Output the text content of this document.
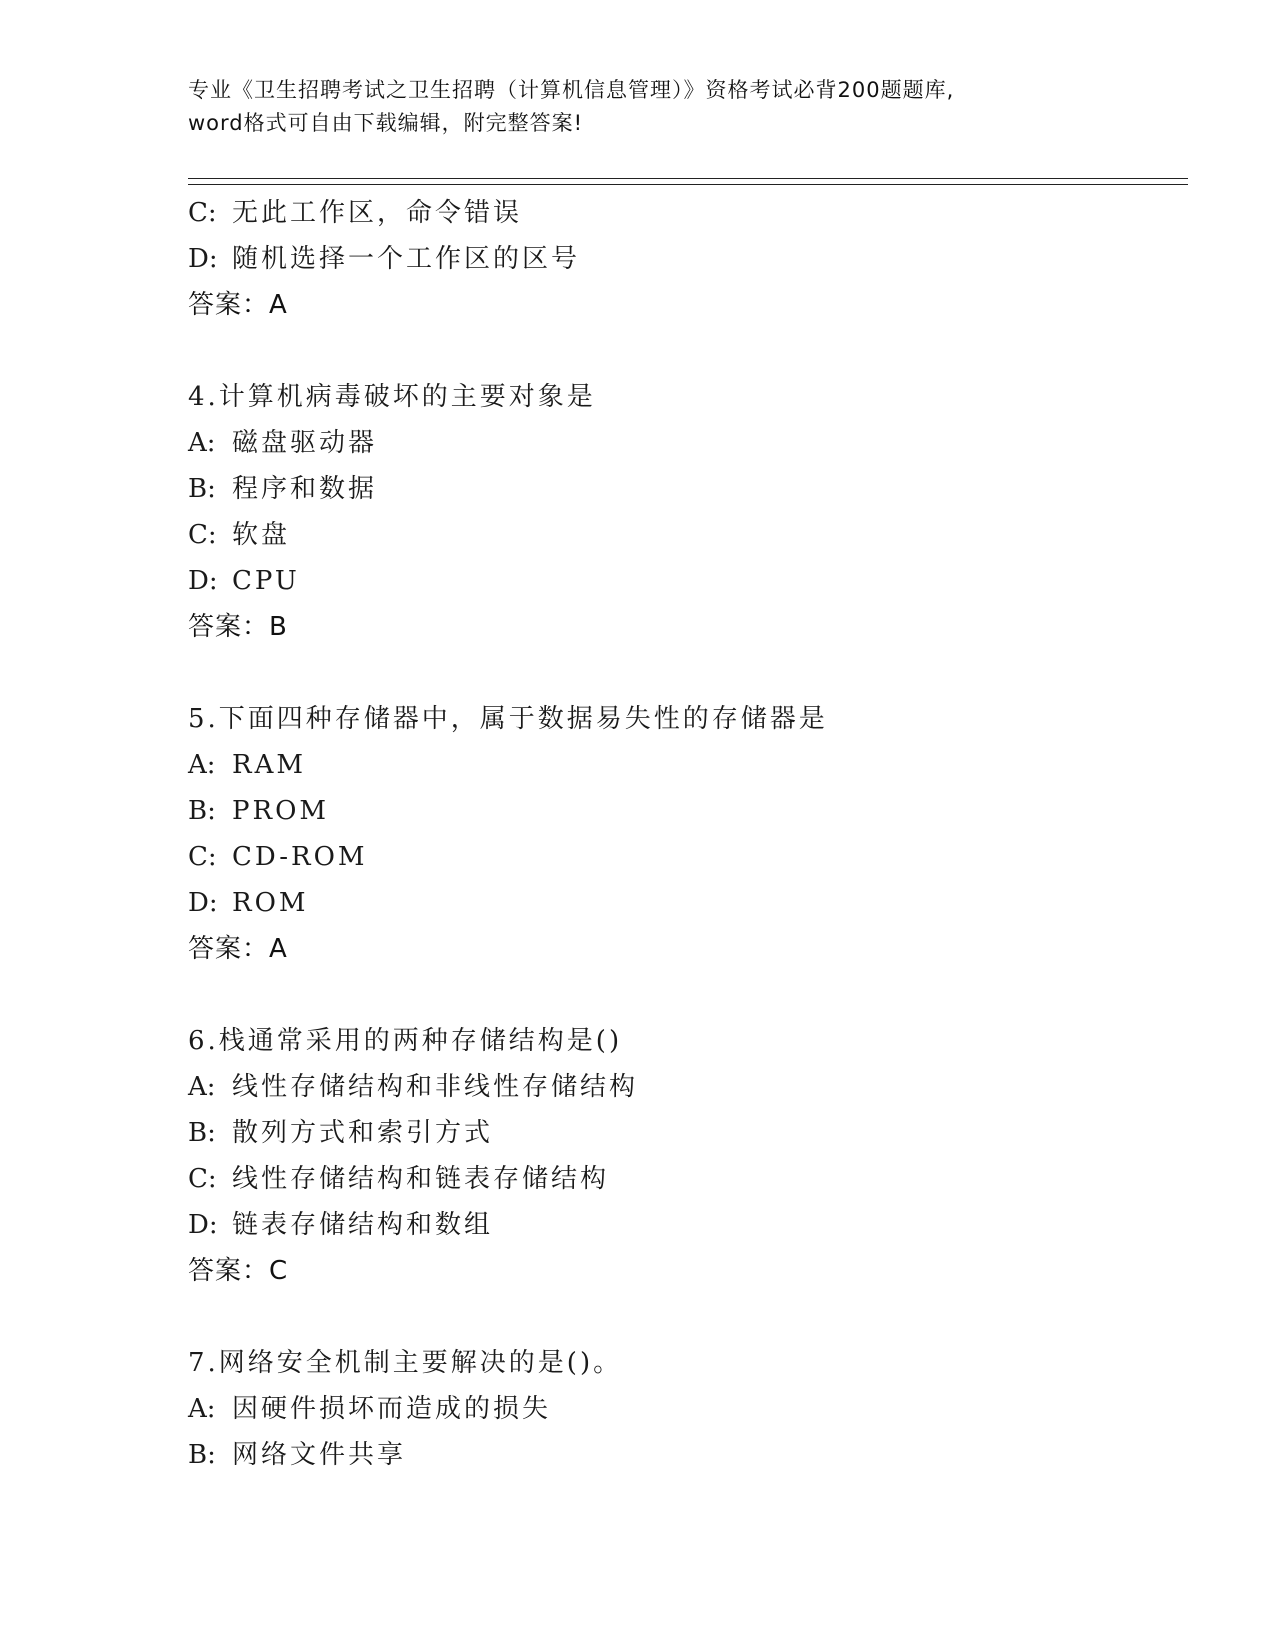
专业《卫生招聘考试之卫生招聘（计算机信息管理）》资格考试必背200题题库,
word格式可自由下载编辑，附完整答案!
C: 无此工作区，命令错误
D: 随机选择一个工作区的区号
答案：A
4.计算机病毒破坏的主要对象是
A: 磁盘驱动器
B: 程序和数据
C: 软盘
D: CPU
答案：B
5.下面四种存储器中，属于数据易失性的存储器是
A: RAM
B: PROM
C: CD-ROM
D: ROM
答案：A
6.栈通常采用的两种存储结构是()
A: 线性存储结构和非线性存储结构
B: 散列方式和索引方式
C: 线性存储结构和链表存储结构
D: 链表存储结构和数组
答案：C
7.网络安全机制主要解决的是()。
A: 因硬件损坏而造成的损失
B: 网络文件共享
